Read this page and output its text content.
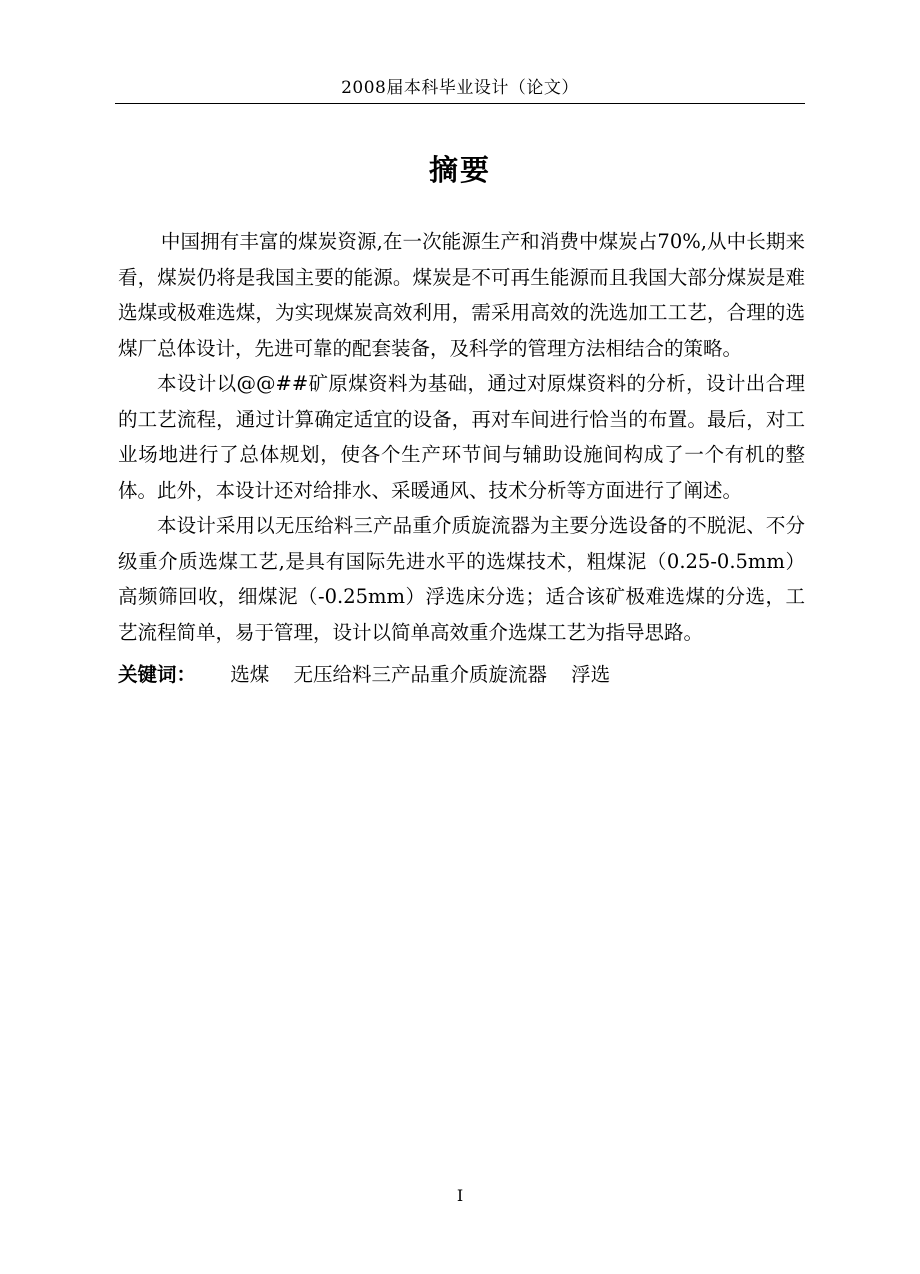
2008届本科毕业设计（论文）
摘要

中国拥有丰富的煤炭资源,在一次能源生产和消费中煤炭占70%,从中长期来看，煤炭仍将是我国主要的能源。煤炭是不可再生能源而且我国大部分煤炭是难选煤或极难选煤，为实现煤炭高效利用，需采用高效的洗选加工工艺，合理的选煤厂总体设计，先进可靠的配套装备，及科学的管理方法相结合的策略。

本设计以@@##矿原煤资料为基础，通过对原煤资料的分析，设计出合理的工艺流程，通过计算确定适宜的设备，再对车间进行恰当的布置。最后，对工业场地进行了总体规划，使各个生产环节间与辅助设施间构成了一个有机的整体。此外，本设计还对给排水、采暖通风、技术分析等方面进行了阐述。

本设计采用以无压给料三产品重介质旋流器为主要分选设备的不脱泥、不分级重介质选煤工艺,是具有国际先进水平的选煤技术，粗煤泥（0.25-0.5mm）高频筛回收，细煤泥（-0.25mm）浮选床分选；适合该矿极难选煤的分选，工艺流程简单，易于管理，设计以简单高效重介选煤工艺为指导思路。

关键词： 选煤 无压给料三产品重介质旋流器 浮选
I
